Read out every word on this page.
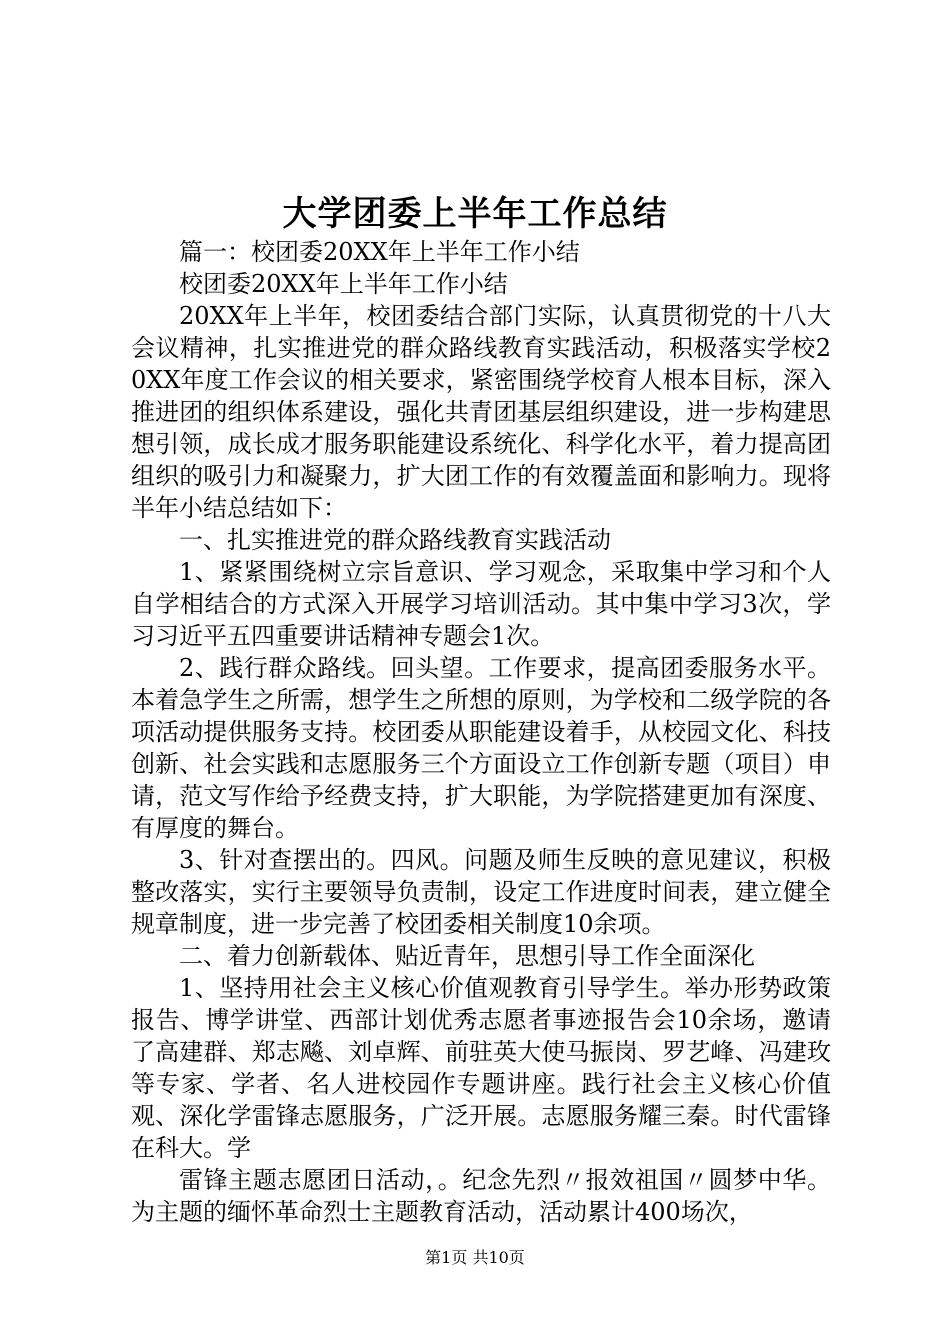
大学团委上半年工作总结

篇一：校团委20XX年上半年工作小结

校团委20XX年上半年工作小结

20XX年上半年，校团委结合部门实际，认真贯彻党的十八大会议精神，扎实推进党的群众路线教育实践活动，积极落实学校20XX年度工作会议的相关要求，紧密围绕学校育人根本目标，深入推进团的组织体系建设，强化共青团基层组织建设，进一步构建思想引领，成长成才服务职能建设系统化、科学化水平，着力提高团组织的吸引力和凝聚力，扩大团工作的有效覆盖面和影响力。现将半年小结总结如下：

一、扎实推进党的群众路线教育实践活动

1、紧紧围绕树立宗旨意识、学习观念，采取集中学习和个人自学相结合的方式深入开展学习培训活动。其中集中学习3次，学习习近平五四重要讲话精神专题会1次。

2、践行群众路线。回头望。工作要求，提高团委服务水平。本着急学生之所需，想学生之所想的原则，为学校和二级学院的各项活动提供服务支持。校团委从职能建设着手，从校园文化、科技创新、社会实践和志愿服务三个方面设立工作创新专题（项目）申请，范文写作给予经费支持，扩大职能，为学院搭建更加有深度、有厚度的舞台。

3、针对查摆出的。四风。问题及师生反映的意见建议，积极整改落实，实行主要领导负责制，设定工作进度时间表，建立健全规章制度，进一步完善了校团委相关制度10余项。

二、着力创新载体、贴近青年，思想引导工作全面深化

1、坚持用社会主义核心价值观教育引导学生。举办形势政策报告、博学讲堂、西部计划优秀志愿者事迹报告会10余场，邀请了高建群、郑志飚、刘卓辉、前驻英大使马振岗、罗艺峰、冯建玫等专家、学者、名人进校园作专题讲座。践行社会主义核心价值观、深化学雷锋志愿服务，广泛开展。志愿服务耀三秦。时代雷锋在科大。学

雷锋主题志愿团日活动，。纪念先烈〃报效祖国〃圆梦中华。为主题的缅怀革命烈士主题教育活动，活动累计400场次，

第1页 共10页
